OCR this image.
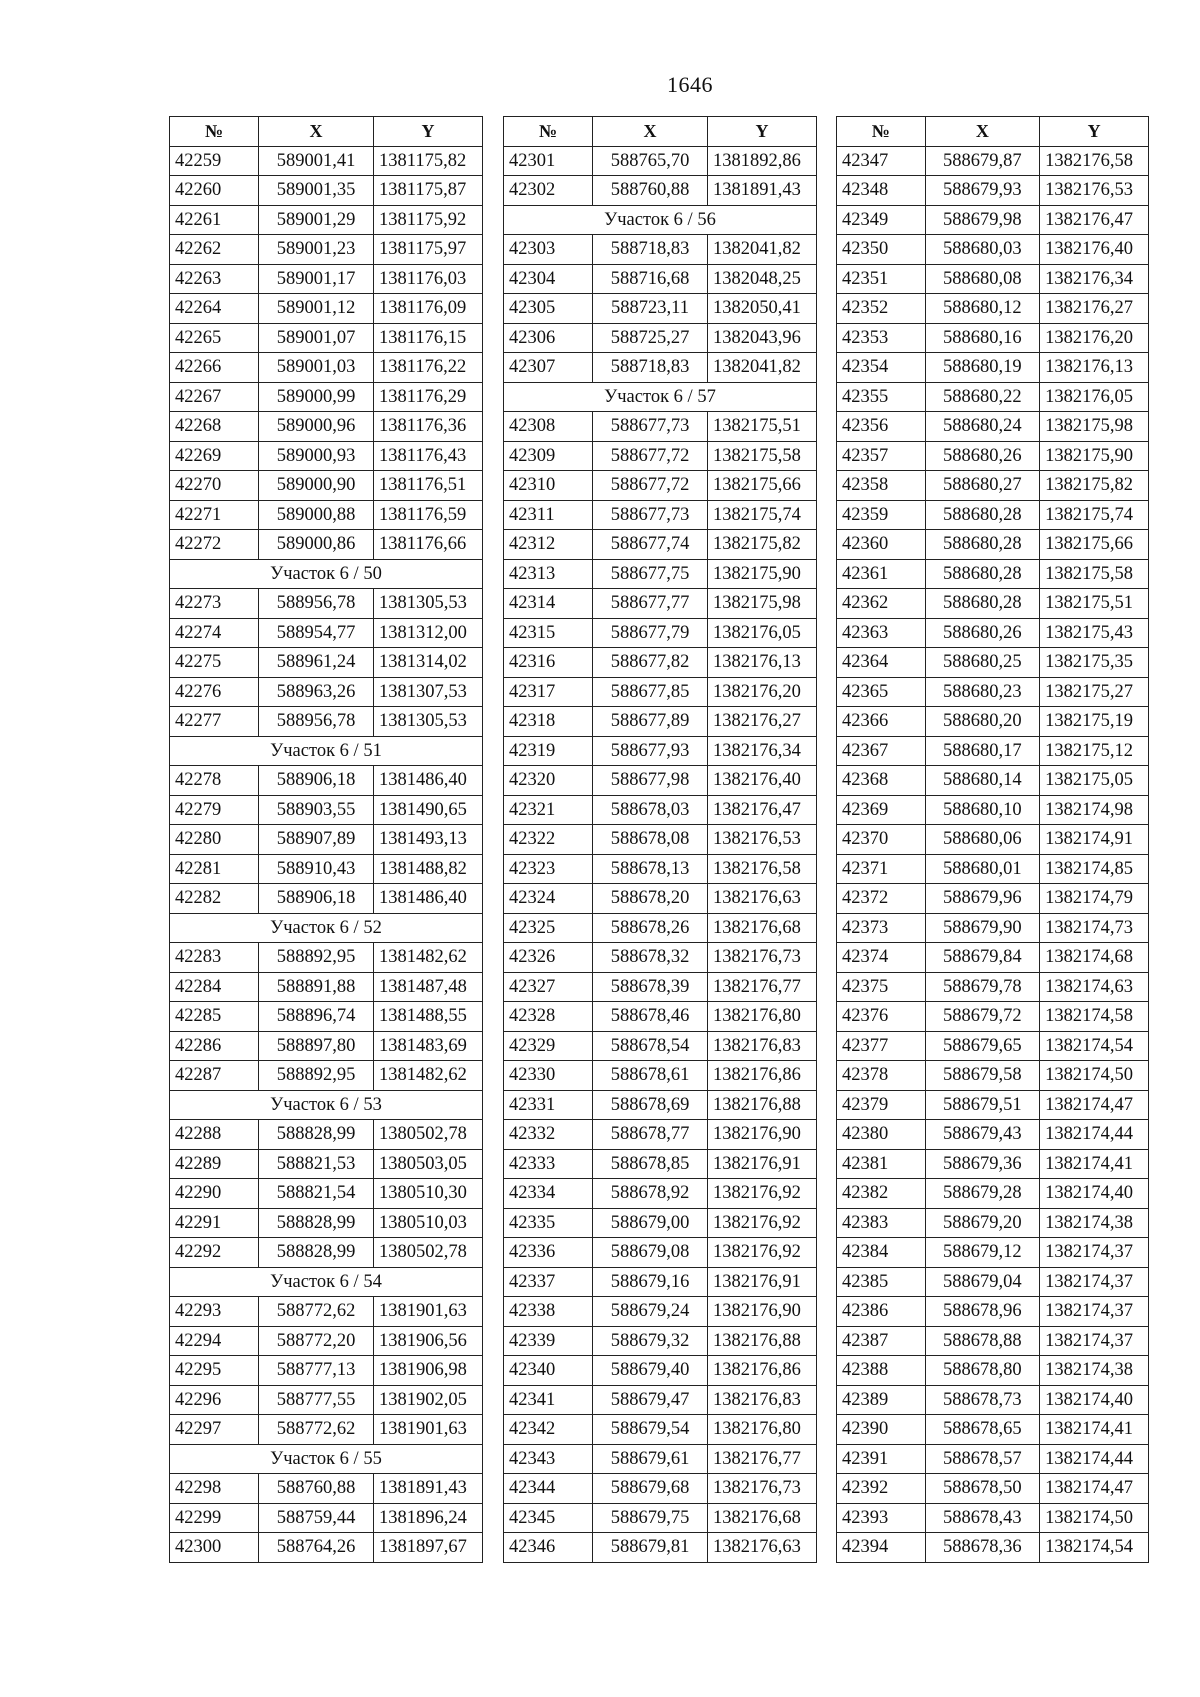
1646
№	X	Y
42259	589001,41	1381175,82
42260	589001,35	1381175,87
42261	589001,29	1381175,92
42262	589001,23	1381175,97
42263	589001,17	1381176,03
42264	589001,12	1381176,09
42265	589001,07	1381176,15
42266	589001,03	1381176,22
42267	589000,99	1381176,29
42268	589000,96	1381176,36
42269	589000,93	1381176,43
42270	589000,90	1381176,51
42271	589000,88	1381176,59
42272	589000,86	1381176,66
Участок 6 / 50		
42273	588956,78	1381305,53
42274	588954,77	1381312,00
42275	588961,24	1381314,02
42276	588963,26	1381307,53
42277	588956,78	1381305,53
Участок 6 / 51		
42278	588906,18	1381486,40
42279	588903,55	1381490,65
42280	588907,89	1381493,13
42281	588910,43	1381488,82
42282	588906,18	1381486,40
Участок 6 / 52		
42283	588892,95	1381482,62
42284	588891,88	1381487,48
42285	588896,74	1381488,55
42286	588897,80	1381483,69
42287	588892,95	1381482,62
Участок 6 / 53		
42288	588828,99	1380502,78
42289	588821,53	1380503,05
42290	588821,54	1380510,30
42291	588828,99	1380510,03
42292	588828,99	1380502,78
Участок 6 / 54		
42293	588772,62	1381901,63
42294	588772,20	1381906,56
42295	588777,13	1381906,98
42296	588777,55	1381902,05
42297	588772,62	1381901,63
Участок 6 / 55		
42298	588760,88	1381891,43
42299	588759,44	1381896,24
42300	588764,26	1381897,67
№	X	Y
42301	588765,70	1381892,86
42302	588760,88	1381891,43
Участок 6 / 56		
42303	588718,83	1382041,82
42304	588716,68	1382048,25
42305	588723,11	1382050,41
42306	588725,27	1382043,96
42307	588718,83	1382041,82
Участок 6 / 57		
42308	588677,73	1382175,51
42309	588677,72	1382175,58
42310	588677,72	1382175,66
42311	588677,73	1382175,74
42312	588677,74	1382175,82
42313	588677,75	1382175,90
42314	588677,77	1382175,98
42315	588677,79	1382176,05
42316	588677,82	1382176,13
42317	588677,85	1382176,20
42318	588677,89	1382176,27
42319	588677,93	1382176,34
42320	588677,98	1382176,40
42321	588678,03	1382176,47
42322	588678,08	1382176,53
42323	588678,13	1382176,58
42324	588678,20	1382176,63
42325	588678,26	1382176,68
42326	588678,32	1382176,73
42327	588678,39	1382176,77
42328	588678,46	1382176,80
42329	588678,54	1382176,83
42330	588678,61	1382176,86
42331	588678,69	1382176,88
42332	588678,77	1382176,90
42333	588678,85	1382176,91
42334	588678,92	1382176,92
42335	588679,00	1382176,92
42336	588679,08	1382176,92
42337	588679,16	1382176,91
42338	588679,24	1382176,90
42339	588679,32	1382176,88
42340	588679,40	1382176,86
42341	588679,47	1382176,83
42342	588679,54	1382176,80
42343	588679,61	1382176,77
42344	588679,68	1382176,73
42345	588679,75	1382176,68
42346	588679,81	1382176,63
№	X	Y
42347	588679,87	1382176,58
42348	588679,93	1382176,53
42349	588679,98	1382176,47
42350	588680,03	1382176,40
42351	588680,08	1382176,34
42352	588680,12	1382176,27
42353	588680,16	1382176,20
42354	588680,19	1382176,13
42355	588680,22	1382176,05
42356	588680,24	1382175,98
42357	588680,26	1382175,90
42358	588680,27	1382175,82
42359	588680,28	1382175,74
42360	588680,28	1382175,66
42361	588680,28	1382175,58
42362	588680,28	1382175,51
42363	588680,26	1382175,43
42364	588680,25	1382175,35
42365	588680,23	1382175,27
42366	588680,20	1382175,19
42367	588680,17	1382175,12
42368	588680,14	1382175,05
42369	588680,10	1382174,98
42370	588680,06	1382174,91
42371	588680,01	1382174,85
42372	588679,96	1382174,79
42373	588679,90	1382174,73
42374	588679,84	1382174,68
42375	588679,78	1382174,63
42376	588679,72	1382174,58
42377	588679,65	1382174,54
42378	588679,58	1382174,50
42379	588679,51	1382174,47
42380	588679,43	1382174,44
42381	588679,36	1382174,41
42382	588679,28	1382174,40
42383	588679,20	1382174,38
42384	588679,12	1382174,37
42385	588679,04	1382174,37
42386	588678,96	1382174,37
42387	588678,88	1382174,37
42388	588678,80	1382174,38
42389	588678,73	1382174,40
42390	588678,65	1382174,41
42391	588678,57	1382174,44
42392	588678,50	1382174,47
42393	588678,43	1382174,50
42394	588678,36	1382174,54
